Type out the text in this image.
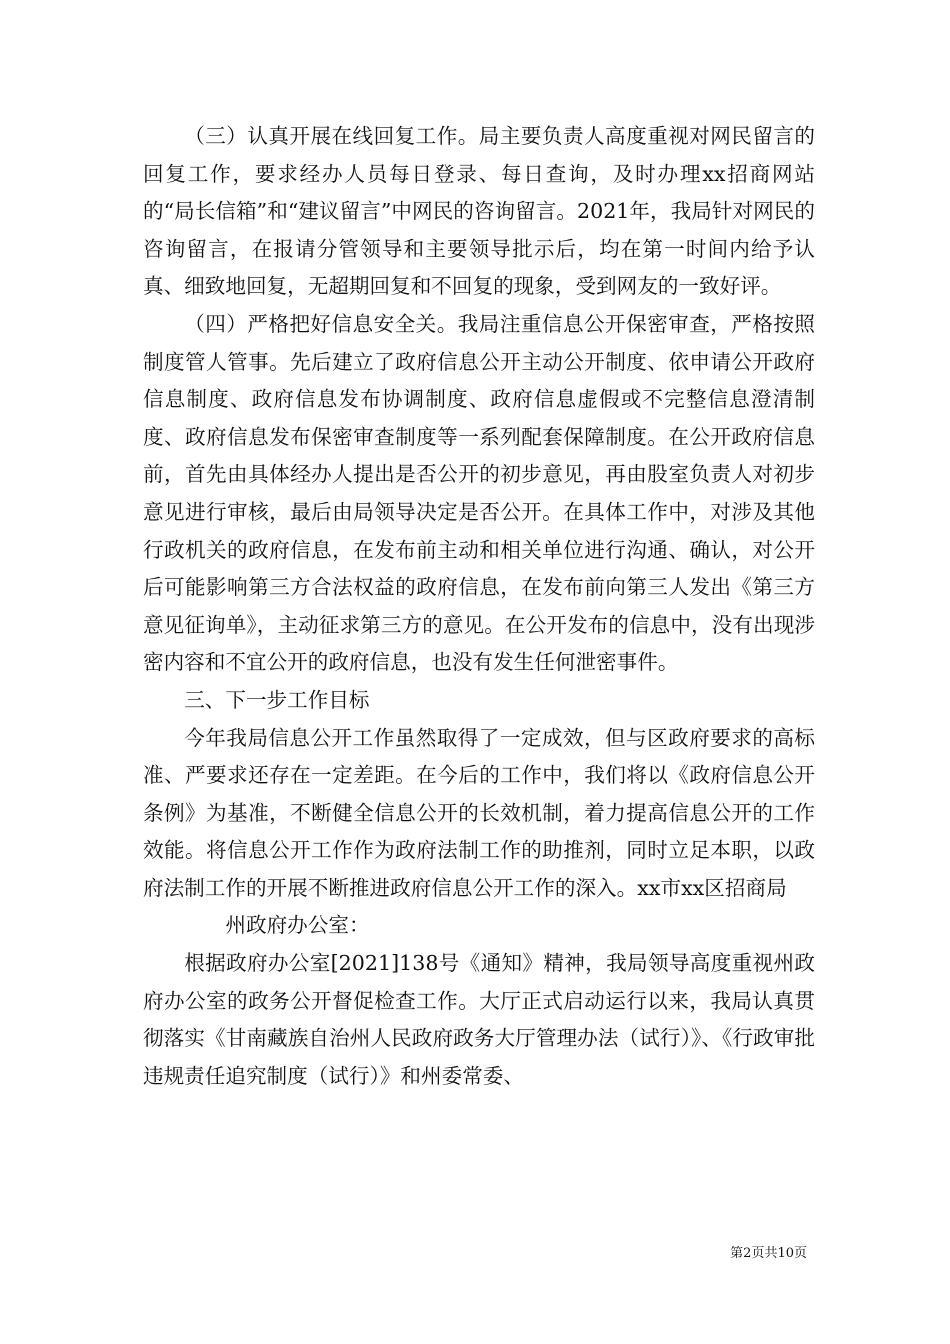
（三）认真开展在线回复工作。局主要负责人高度重视对网民留言的回复工作，要求经办人员每日登录、每日查询，及时办理xx招商网站的“局长信箱”和“建议留言”中网民的咨询留言。2021年，我局针对网民的咨询留言，在报请分管领导和主要领导批示后，均在第一时间内给予认真、细致地回复，无超期回复和不回复的现象，受到网友的一致好评。

（四）严格把好信息安全关。我局注重信息公开保密审查，严格按照制度管人管事。先后建立了政府信息公开主动公开制度、依申请公开政府信息制度、政府信息发布协调制度、政府信息虚假或不完整信息澄清制度、政府信息发布保密审查制度等一系列配套保障制度。在公开政府信息前，首先由具体经办人提出是否公开的初步意见，再由股室负责人对初步意见进行审核，最后由局领导决定是否公开。在具体工作中，对涉及其他行政机关的政府信息，在发布前主动和相关单位进行沟通、确认，对公开后可能影响第三方合法权益的政府信息，在发布前向第三人发出《第三方意见征询单》，主动征求第三方的意见。在公开发布的信息中，没有出现涉密内容和不宜公开的政府信息，也没有发生任何泄密事件。

三、下一步工作目标

今年我局信息公开工作虽然取得了一定成效，但与区政府要求的高标准、严要求还存在一定差距。在今后的工作中，我们将以《政府信息公开条例》为基准，不断健全信息公开的长效机制，着力提高信息公开的工作效能。将信息公开工作作为政府法制工作的助推剂，同时立足本职，以政府法制工作的开展不断推进政府信息公开工作的深入。xx市xx区招商局

州政府办公室：

根据政府办公室[2021]138号《通知》精神，我局领导高度重视州政府办公室的政务公开督促检查工作。大厅正式启动运行以来，我局认真贯彻落实《甘南藏族自治州人民政府政务大厅管理办法（试行）》、《行政审批违规责任追究制度（试行）》和州委常委、

第2页共10页
